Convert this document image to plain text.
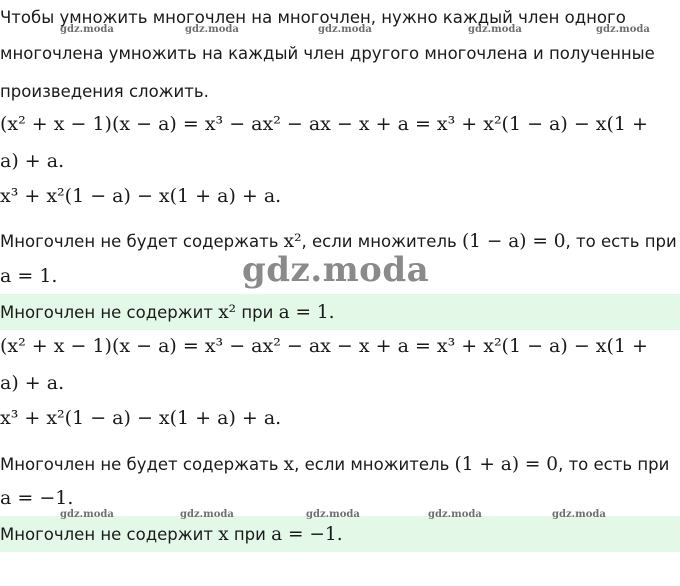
gdz.moda	gdz.moda	gdz.moda	gdz.moda	gdz.moda
gdz.moda	gdz.moda	gdz.moda	gdz.moda	gdz.moda
gdz.moda
Чтобы умножить многочлен на многочлен, нужно каждый член одного
многочлена умножить на каждый член другого многочлена и полученные
произведения сложить.
(x² + x − 1)(x − a) = x³ − ax² − ax − x + a = x³ + x²(1 − a) − x(1 +
a) + a.
x³ + x²(1 − a) − x(1 + a) + a.
Многочлен не будет содержать x², если множитель (1 − a) = 0, то есть при
a = 1.
Многочлен не содержит x² при a = 1.
(x² + x − 1)(x − a) = x³ − ax² − ax − x + a = x³ + x²(1 − a) − x(1 +
a) + a.
x³ + x²(1 − a) − x(1 + a) + a.
Многочлен не будет содержать x, если множитель (1 + a) = 0, то есть при
a = −1.
Многочлен не содержит x при a = −1.
